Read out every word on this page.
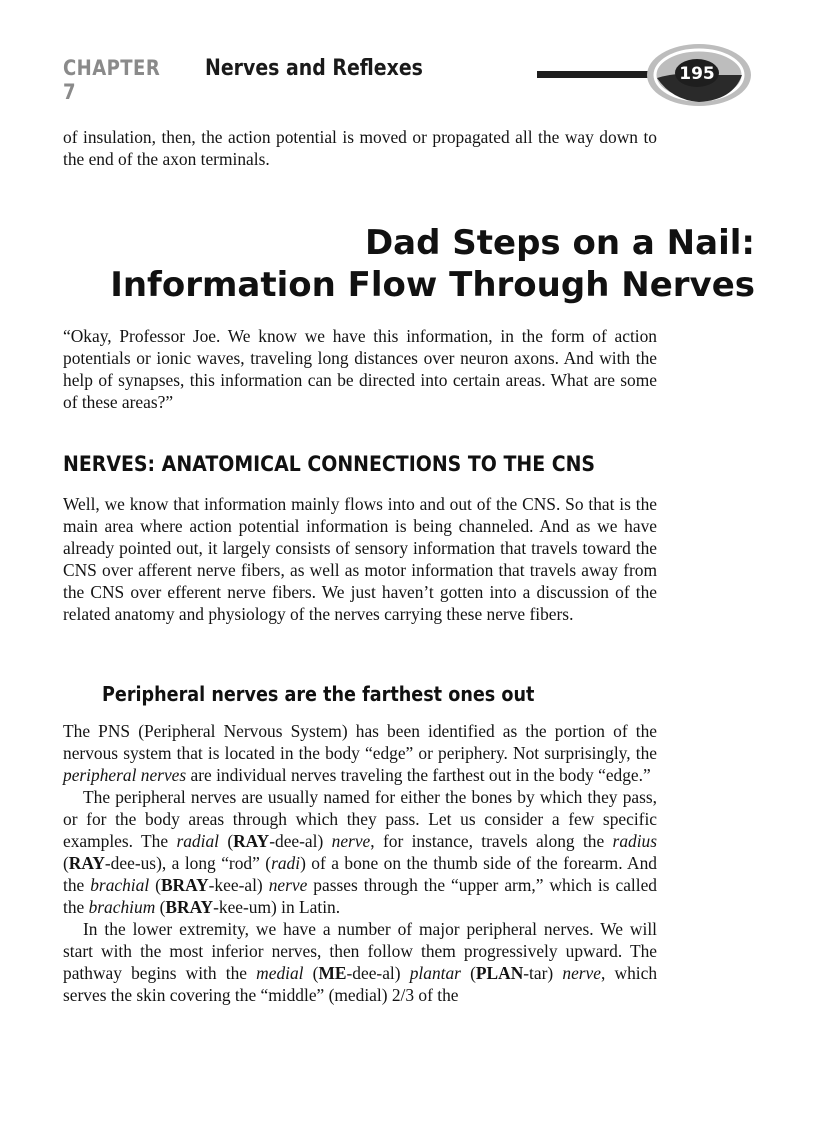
CHAPTER 7
Nerves and Reflexes	195

of insulation, then, the action potential is moved or propagated all the way down to the end of the axon terminals.

Dad Steps on a Nail:
Information Flow Through Nerves

“Okay, Professor Joe. We know we have this information, in the form of action potentials or ionic waves, traveling long distances over neuron axons. And with the help of synapses, this information can be directed into certain areas. What are some of these areas?”

NERVES: ANATOMICAL CONNECTIONS TO THE CNS

Well, we know that information mainly flows into and out of the CNS. So that is the main area where action potential information is being channeled. And as we have already pointed out, it largely consists of sensory information that travels toward the CNS over afferent nerve fibers, as well as motor information that travels away from the CNS over efferent nerve fibers. We just haven’t gotten into a discussion of the related anatomy and physiology of the nerves carrying these nerve fibers.

Peripheral nerves are the farthest ones out

The PNS (Peripheral Nervous System) has been identified as the portion of the nervous system that is located in the body “edge” or periphery. Not surprisingly, the peripheral nerves are individual nerves traveling the farthest out in the body “edge.”

The peripheral nerves are usually named for either the bones by which they pass, or for the body areas through which they pass. Let us consider a few specific examples. The radial (RAY-dee-al) nerve, for instance, travels along the radius (RAY-dee-us), a long “rod” (radi) of a bone on the thumb side of the forearm. And the brachial (BRAY-kee-al) nerve passes through the “upper arm,” which is called the brachium (BRAY-kee-um) in Latin.

In the lower extremity, we have a number of major peripheral nerves. We will start with the most inferior nerves, then follow them progressively upward. The pathway begins with the medial (ME-dee-al) plantar (PLAN-tar) nerve, which serves the skin covering the “middle” (medial) 2/3 of the
